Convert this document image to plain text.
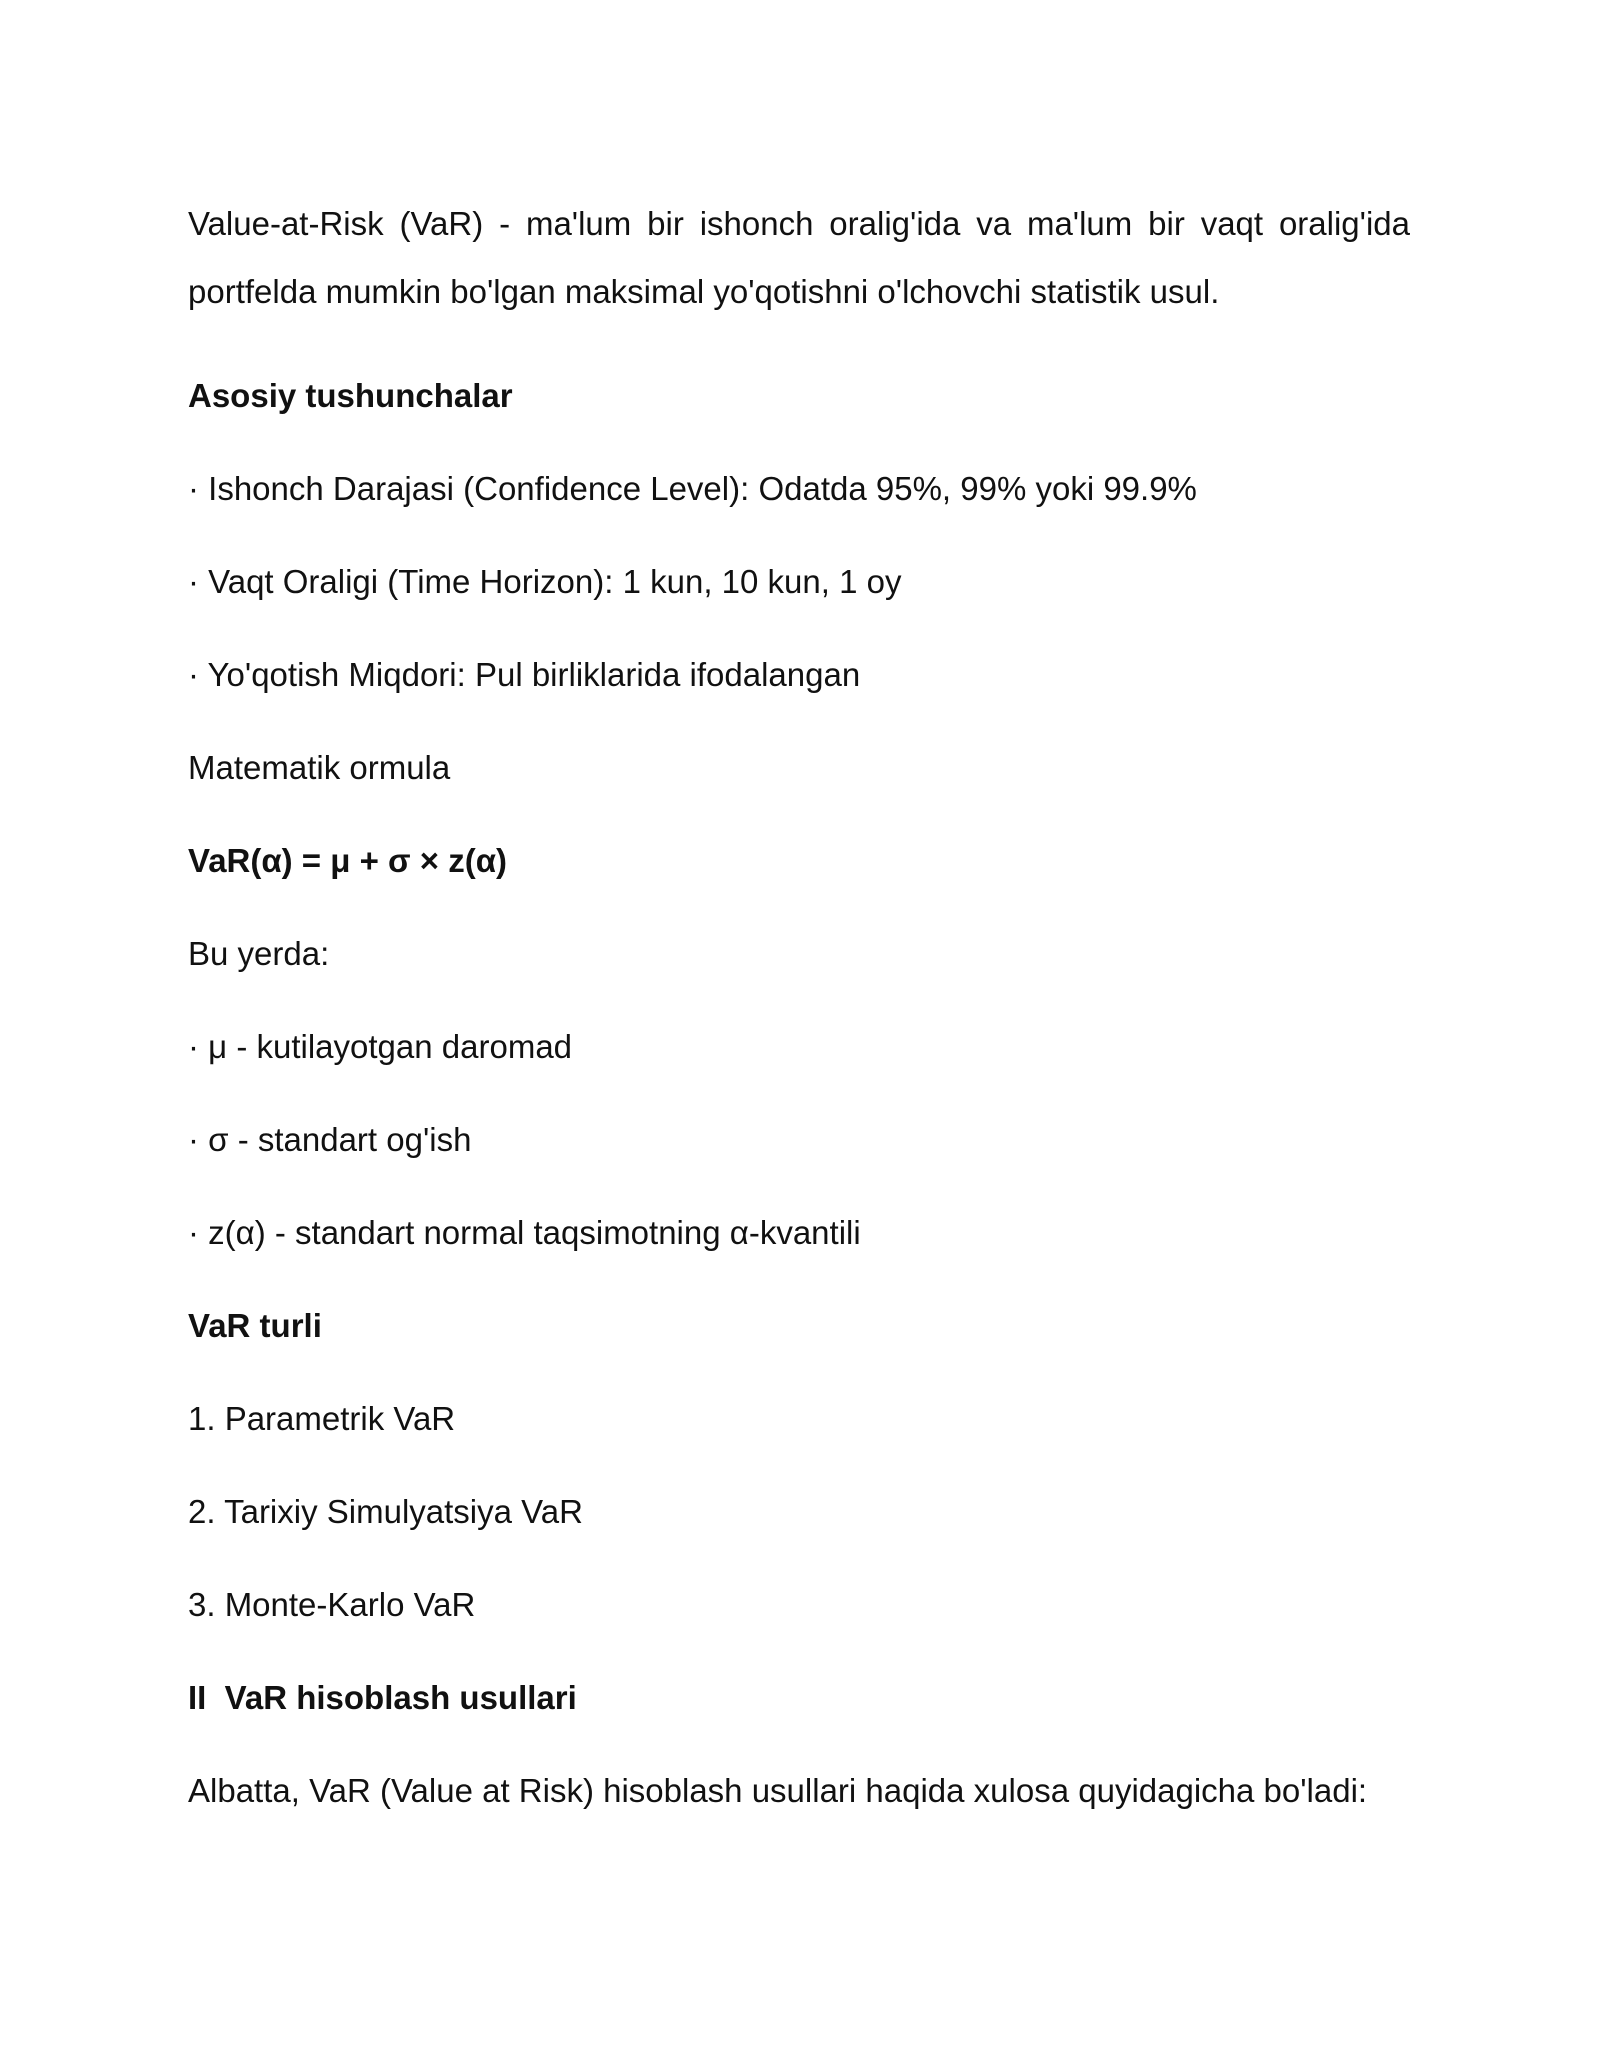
Value-at-Risk (VaR) - ma'lum bir ishonch oralig'ida va ma'lum bir vaqt oralig'ida portfelda mumkin bo'lgan maksimal yo'qotishni o'lchovchi statistik usul.

Asosiy tushunchalar

· Ishonch Darajasi (Confidence Level): Odatda 95%, 99% yoki 99.9%

· Vaqt Oraligi (Time Horizon): 1 kun, 10 kun, 1 oy

· Yo'qotish Miqdori: Pul birliklarida ifodalangan

Matematik ormula

VaR(α) = μ + σ × z(α)

Bu yerda:

· μ - kutilayotgan daromad

· σ - standart og'ish

· z(α) - standart normal taqsimotning α-kvantili

VaR turli

1. Parametrik VaR

2. Tarixiy Simulyatsiya VaR

3. Monte-Karlo VaR

II  VaR hisoblash usullari

Albatta, VaR (Value at Risk) hisoblash usullari haqida xulosa quyidagicha bo'ladi:
